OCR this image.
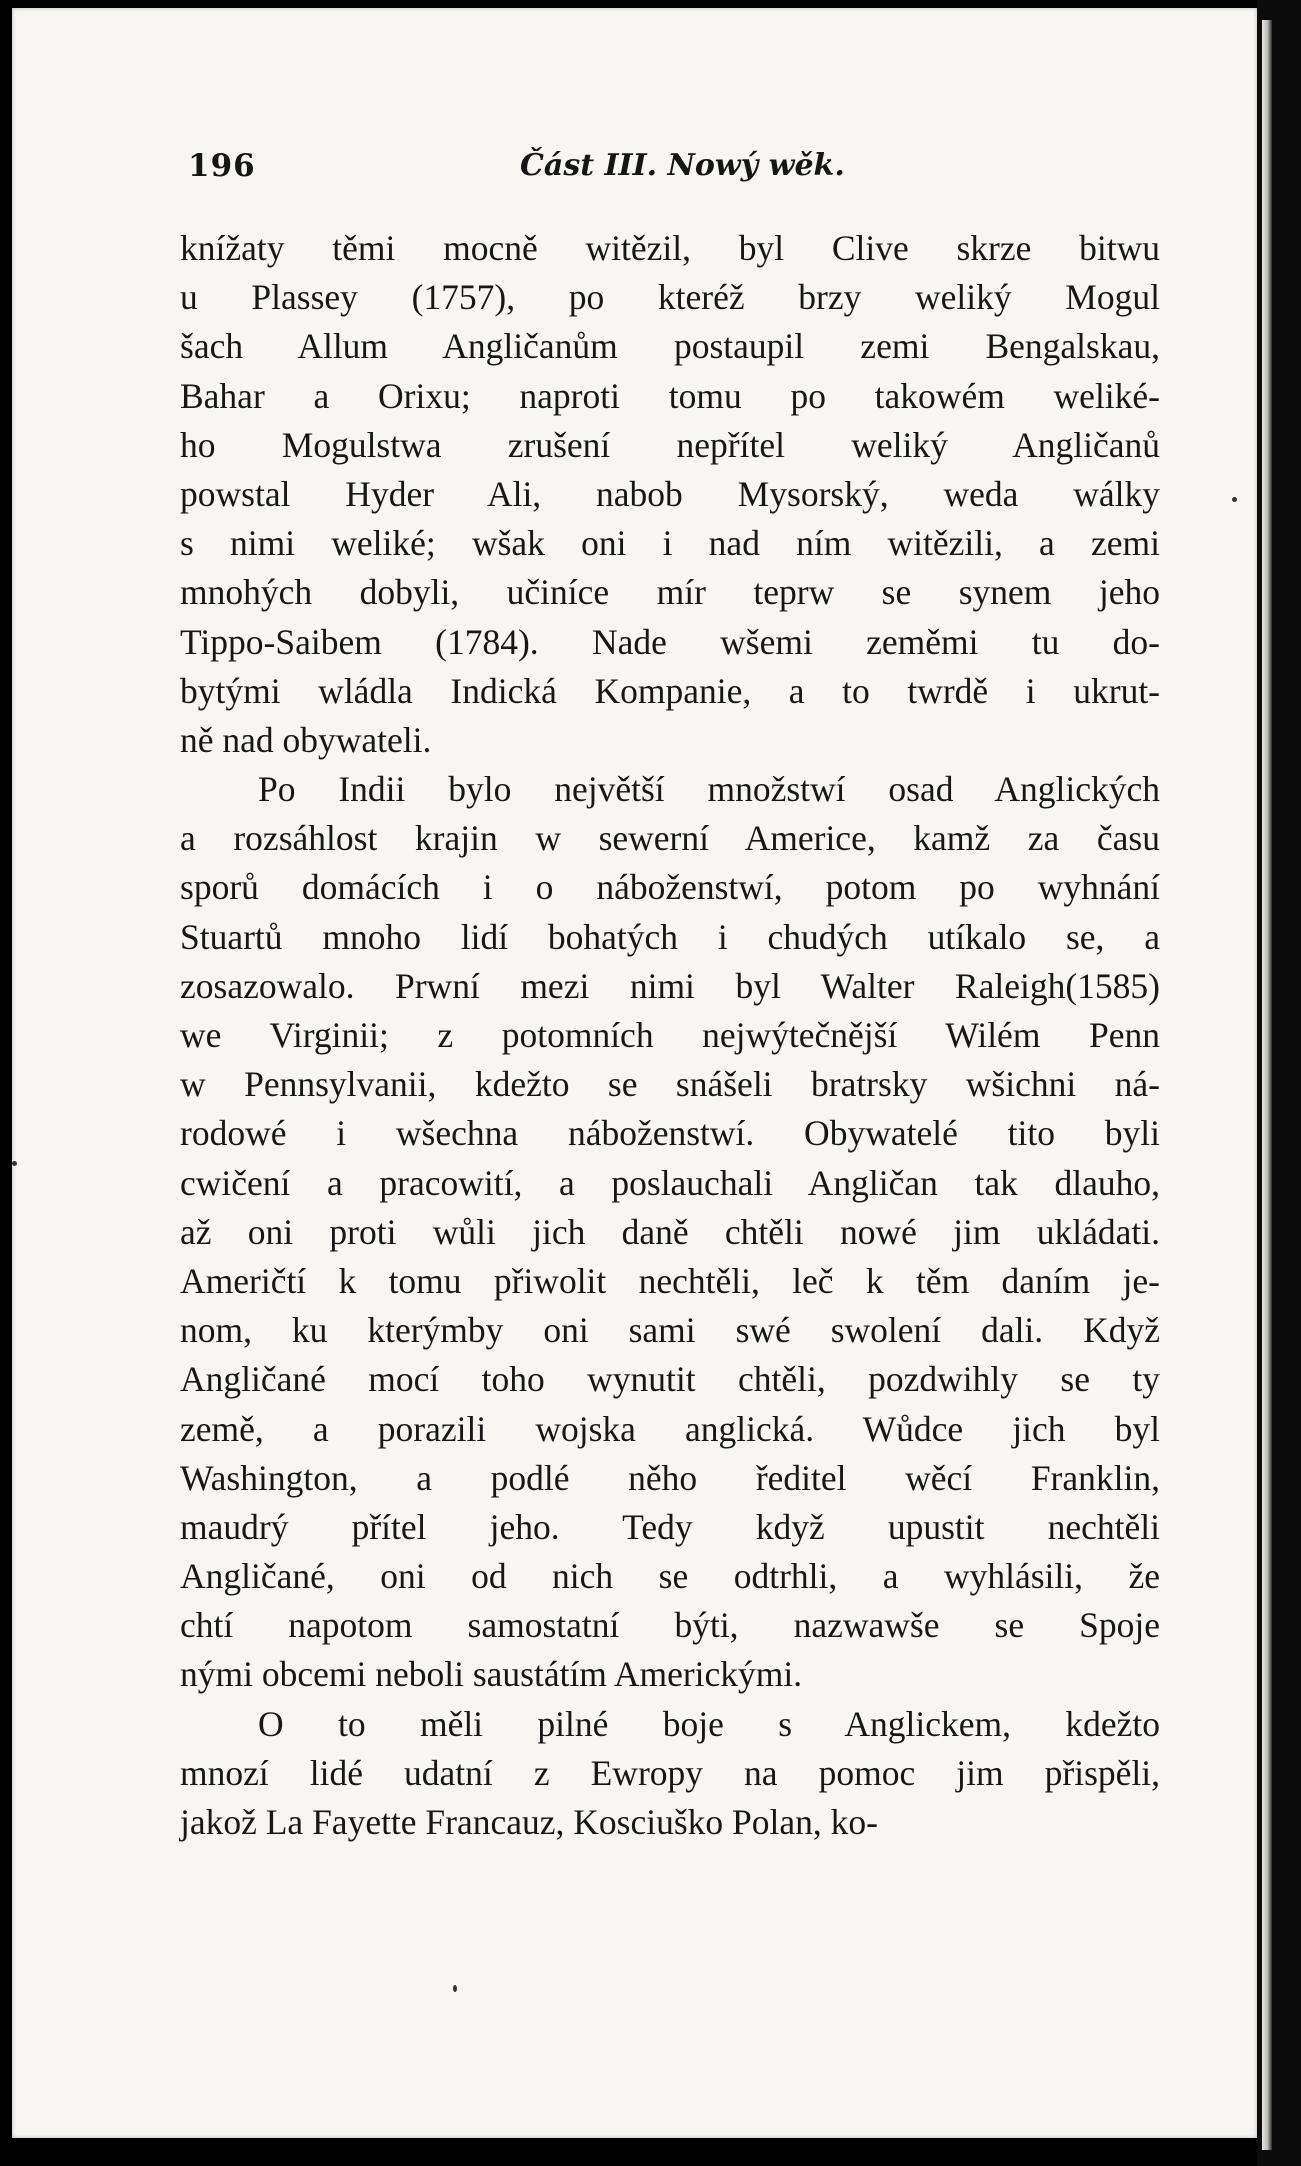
196	Část III. Nowý wěk.
knížaty těmi mocně witězil, byl Clive skrze bitwu
u Plassey (1757), po kteréž brzy weliký Mogul
šach Allum Angličanům postaupil zemi Bengalskau,
Bahar a Orixu; naproti tomu po takowém weliké-
ho Mogulstwa zrušení nepřítel weliký Angličanů
powstal Hyder Ali, nabob Mysorský, weda wálky
s nimi weliké; wšak oni i nad ním witězili, a zemi
mnohých dobyli, učiníce mír teprw se synem jeho
Tippo-Saibem (1784). Nade wšemi zeměmi tu do-
bytými wládla Indická Kompanie, a to twrdě i ukrut-
ně nad obywateli.
Po Indii bylo největší množstwí osad Anglických
a rozsáhlost krajin w sewerní Americe, kamž za času
sporů domácích i o náboženstwí, potom po wyhnání
Stuartů mnoho lidí bohatých i chudých utíkalo se, a
zosazowalo. Prwní mezi nimi byl Walter Raleigh(1585)
we Virginii; z potomních nejwýtečnější Wilém Penn
w Pennsylvanii, kdežto se snášeli bratrsky wšichni ná-
rodowé i wšechna náboženstwí. Obywatelé tito byli
cwičení a pracowití, a poslauchali Angličan tak dlauho,
až oni proti wůli jich daně chtěli nowé jim ukládati.
Američtí k tomu přiwolit nechtěli, leč k těm daním je-
nom, ku kterýmby oni sami swé swolení dali. Když
Angličané mocí toho wynutit chtěli, pozdwihly se ty
země, a porazili wojska anglická. Wůdce jich byl
Washington, a podlé něho ředitel wěcí Franklin,
maudrý přítel jeho. Tedy když upustit nechtěli
Angličané, oni od nich se odtrhli, a wyhlásili, že
chtí napotom samostatní býti, nazwawše se Spoje
nými obcemi neboli saustátím Americkými.
O to měli pilné boje s Anglickem, kdežto
mnozí lidé udatní z Ewropy na pomoc jim přispěli,
jakož La Fayette Francauz, Kosciuško Polan, ko-
